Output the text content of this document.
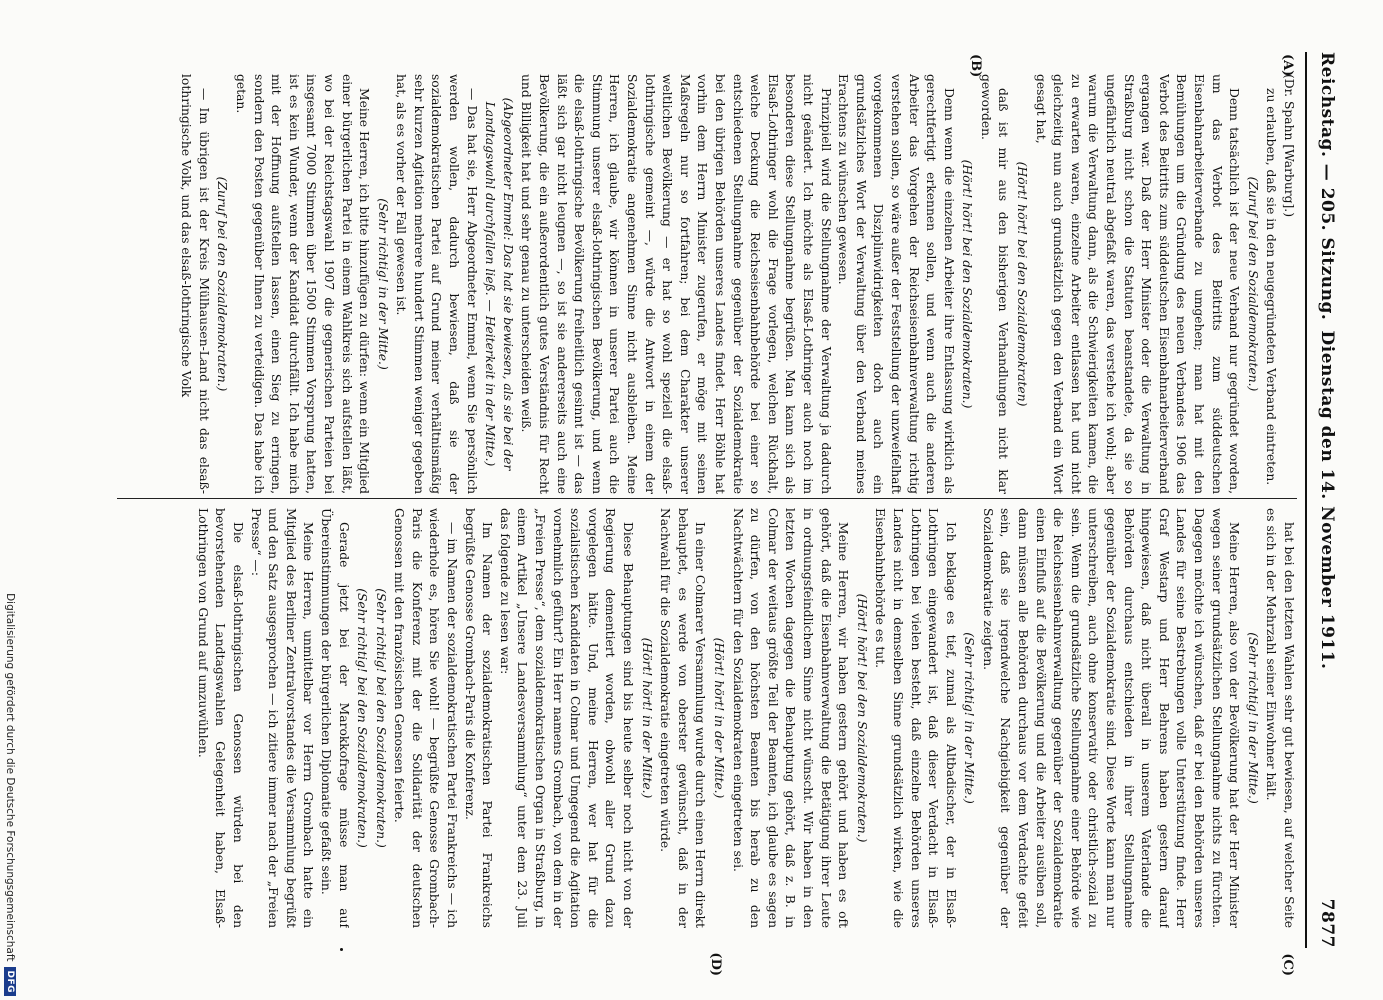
Reichstag. — 205. Sitzung.
Dienstag den 14. November 1911.
7877
(A)
(B)
(C)
(D)

(Dr. Spahn [Warburg].)

zu erlauben, daß sie in den neugegründeten Verband eintreten.

(Zuruf bei den Sozialdemokraten.)

Denn tatsächlich ist der neue Verband nur gegründet worden, um das Verbot des Beitritts zum süddeutschen Eisenbahnarbeiterverbande zu umgehen; man hat mit den Bemühungen um die Gründung des neuen Verbandes 1906 das Verbot des Beitritts zum süddeutschen Eisenbahnarbeiterverband ergangen war. Daß der Herr Minister oder die Verwaltung in Straßburg nicht schon die Statuten beanstandete, da sie so ungefährlich neutral abgefaßt waren, das verstehe ich wohl; aber warum die Verwaltung dann, als die Schwierigkeiten kamen, die zu erwarten waren, einzelne Arbeiter entlassen hat und nicht gleichzeitig nun auch grundsätzlich gegen den Verband ein Wort gesagt hat,

(Hört! hört! bei den Sozialdemokraten)

daß ist mir aus den bisherigen Verhandlungen nicht klar geworden.

(Hört! hört! bei den Sozialdemokraten.)

Denn wenn die einzelnen Arbeiter ihre Entlassung wirklich als gerechtfertigt erkennen sollen, und wenn auch die anderen Arbeiter das Vorgehen der Reichseisenbahnverwaltung richtig verstehen sollen, so wäre außer der Feststellung der unzweifelhaft vorgekommenen Disziplinwidrigkeiten doch auch ein grundsätzliches Wort der Verwaltung über den Verband meines Erachtens zu wünschen gewesen.

Prinzipiell wird die Stellungnahme der Verwaltung ja dadurch nicht geändert. Ich möchte als Elsaß-Lothringer auch noch im besonderen diese Stellungnahme begrüßen. Man kann sich als Elsaß-Lothringer wohl die Frage vorlegen, welchen Rückhalt, welche Deckung die Reichseisenbahnbehörde bei einer so entschiedenen Stellungnahme gegenüber der Sozialdemokratie bei den übrigen Behörden unseres Landes findet. Herr Böhle hat vorhin dem Herrn Minister zugerufen, er möge mit seinen Maßregeln nur so fortfahren; bei dem Charakter unserer weltlichen Bevölkerung — er hat so wohl speziell die elsaß-lothringische gemeint —, würde die Antwort in einem der Sozialdemokratie angenehmen Sinne nicht ausbleiben. Meine Herren, ich glaube, wir können in unserer Partei auch die Stimmung unserer elsaß-lothringischen Bevölkerung, und wenn die elsaß-lothringische Bevölkerung freiheitlich gesinnt ist — das läßt sich gar nicht leugnen —, so ist sie andererseits auch eine Bevölkerung, die ein außerordentlich gutes Verständnis für Recht und Billigkeit hat und sehr genau zu unterscheiden weiß.

(Abgeordneter Emmel: Das hat sie bewiesen, als sie bei der Landtagswahl durchfallen ließ. — Heiterkeit in der Mitte.)

— Das hat sie, Herr Abgeordneter Emmel, wenn Sie persönlich werden wollen, dadurch bewiesen, daß sie der sozialdemokratischen Partei auf Grund meiner verhältnismäßig sehr kurzen Agitation mehrere hundert Stimmen weniger gegeben hat, als es vorher der Fall gewesen ist.

(Sehr richtig! in der Mitte.)

Meine Herren, ich bitte hinzufügen zu dürfen: wenn ein Mitglied einer bürgerlichen Partei in einem Wahlkreis sich aufstellen läßt, wo bei der Reichstagswahl 1907 die gegnerischen Parteien bei insgesamt 7000 Stimmen über 1500 Stimmen Vorsprung hatten, ist es kein Wunder, wenn der Kandidat durchfällt. Ich habe mich mit der Hoffnung aufstellen lassen, einen Sieg zu erringen, sondern den Posten gegenüber Ihnen zu verteidigen. Das habe ich getan.

(Zuruf bei den Sozialdemokraten.)

— Im übrigen ist der Kreis Mülhausen-Land nicht das elsaß-lothringische Volk, und das elsaß-lothringische Volk

hat bei den letzten Wahlen sehr gut bewiesen, auf welcher Seite es sich in der Mehrzahl seiner Einwohner hält.

(Sehr richtig! in der Mitte.)

Meine Herren, also von der Bevölkerung hat der Herr Minister wegen seiner grundsätzlichen Stellungnahme nichts zu fürchten. Dagegen möchte ich wünschen, daß er bei den Behörden unseres Landes für seine Bestrebungen volle Unterstützung finde. Herr Graf Westarp und Herr Behrens haben gestern darauf hingewiesen, daß nicht überall in unserem Vaterlande die Behörden durchaus entschieden in ihrer Stellungnahme gegenüber der Sozialdemokratie sind. Diese Worte kann man nur unterschreiben, auch ohne konservativ oder christlich-sozial zu sein. Wenn die grundsätzliche Stellungnahme einer Behörde wie die Reichseisenbahnverwaltung gegenüber der Sozialdemokratie einen Einfluß auf die Bevölkerung und die Arbeiter ausüben soll, dann müssen alle Behörden durchaus vor dem Verdachte gefeit sein, daß sie irgendwelche Nachgiebigkeit gegenüber der Sozialdemokratie zeigten.

(Sehr richtig! in der Mitte.)

Ich beklage es tief, zumal als Altbadischer, der in Elsaß-Lothringen eingewandert ist, daß dieser Verdacht in Elsaß-Lothringen bei vielen besteht, daß einzelne Behörden unseres Landes nicht in demselben Sinne grundsätzlich wirken, wie die Eisenbahnbehörde es tut.

(Hört! hört! bei den Sozialdemokraten.)

Meine Herren, wir haben gestern gehört und haben es oft gehört, daß die Eisenbahnverwaltung die Betätigung ihrer Leute in ordnungsfeindlichem Sinne nicht wünscht. Wir haben in den letzten Wochen dagegen die Behauptung gehört, daß z. B. in Colmar der weitaus größte Teil der Beamten, ich glaube es sagen zu dürfen, von den höchsten Beamten bis herab zu den Nachtwächtern für den Sozialdemokraten eingetreten sei.

(Hört! hört! in der Mitte.)

In einer Colmarer Versammlung wurde durch einen Herrn direkt behauptet, es werde von oberster gewünscht, daß in der Nachwahl für die Sozialdemokratie eingetreten würde.

(Hört! hört! in der Mitte.)

Diese Behauptungen sind bis heute selber noch nicht von der Regierung dementiert worden, obwohl aller Grund dazu vorgelegen hätte. Und, meine Herren, wer hat für die sozialistischen Kandidaten in Colmar und Umgegend die Agitation vornehmlich geführt? Ein Herr namens Grombach, von dem in der „Freien Presse“, dem sozialdemokratischen Organ in Straßburg, in einem Artikel „Unsere Landesversammlung“ unter dem 23. Juli das folgende zu lesen war:

Im Namen der sozialdemokratischen Partei Frankreichs begrüßte Genosse Grombach-Paris die Konferenz.

— im Namen der sozialdemokratischen Partei Frankreichs — ich wiederhole es, hören Sie wohl! — begrüßte Genosse Grombach-Paris die Konferenz mit der die Solidarität der deutschen Genossen mit den französischen Genossen feierte.

(Sehr richtig! bei den Sozialdemokraten.)

(Sehr richtig! bei den Sozialdemokraten.)

Gerade jetzt bei der Marokkofrage müsse man auf Übereinstimmungen der bürgerlichen Diplomatie gefaßt sein.

Meine Herren, unmittelbar vor Herrn Grombach hatte ein Mitglied des Berliner Zentralvorstandes die Versammlung begrüßt und den Satz ausgesprochen — ich zitiere immer nach der „Freien Presse“ —:

Die elsaß-lothringischen Genossen würden bei den bevorstehenden Landtagswahlen Gelegenheit haben, Elsaß-Lothringen von Grund auf umzuwühlen.

Digitalisierung gefördert durch die Deutsche Forschungsgemeinschaft
DFG
